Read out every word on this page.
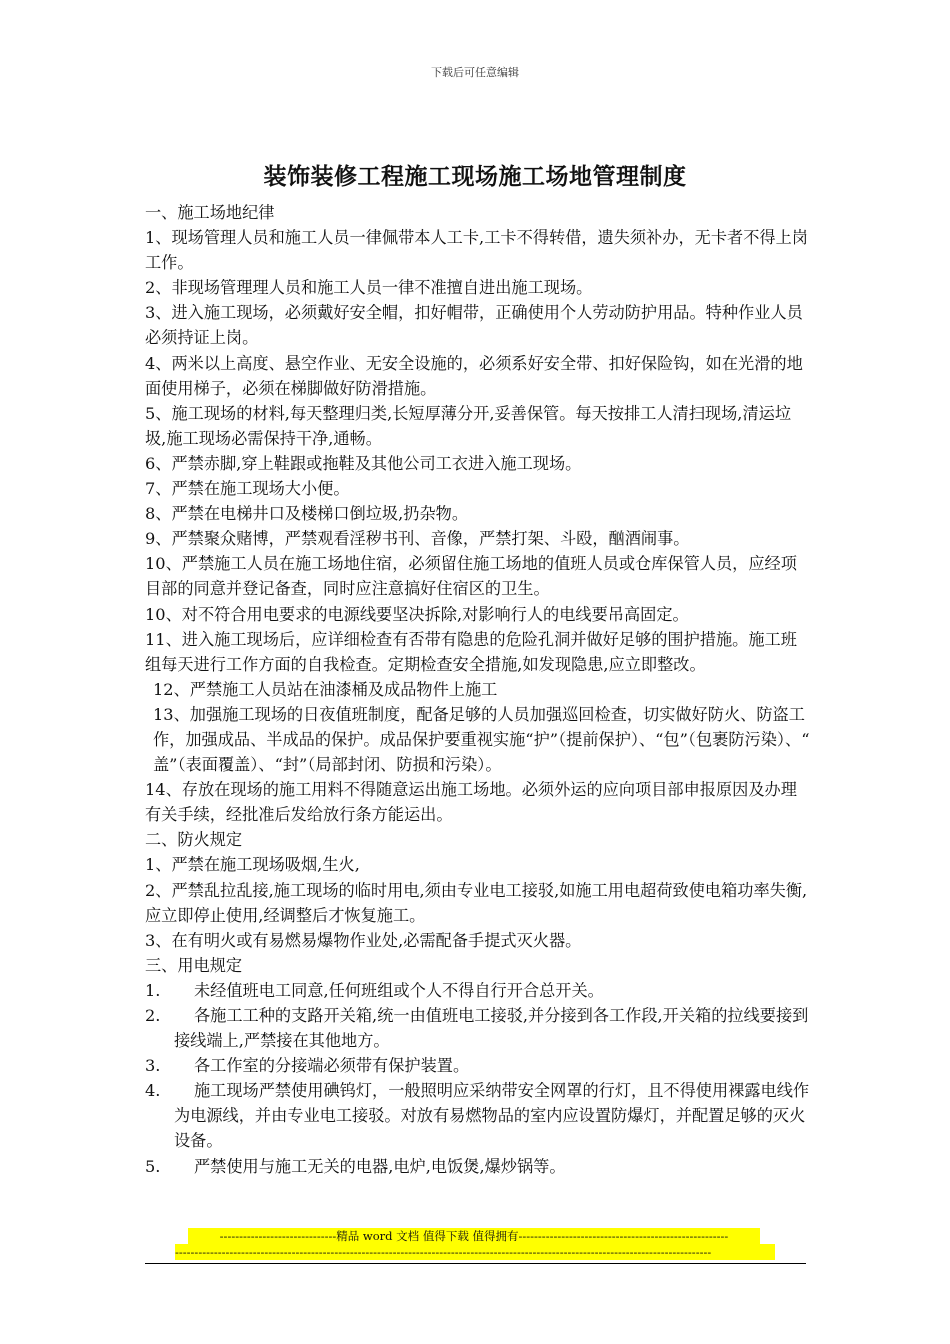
下载后可任意编辑
装饰装修工程施工现场施工场地管理制度

一、施工场地纪律

1、现场管理人员和施工人员一律佩带本人工卡,工卡不得转借，遗失须补办，无卡者不得上岗工作。

2、非现场管理理人员和施工人员一律不准擅自进出施工现场。

3、进入施工现场，必须戴好安全帽，扣好帽带，正确使用个人劳动防护用品。特种作业人员必须持证上岗。

4、两米以上高度、悬空作业、无安全设施的，必须系好安全带、扣好保险钩，如在光滑的地面使用梯子，必须在梯脚做好防滑措施。

5、施工现场的材料,每天整理归类,长短厚薄分开,妥善保管。每天按排工人清扫现场,清运垃圾,施工现场必需保持干净,通畅。

6、严禁赤脚,穿上鞋跟或拖鞋及其他公司工衣进入施工现场。

7、严禁在施工现场大小便。

8、严禁在电梯井口及楼梯口倒垃圾,扔杂物。

9、严禁聚众赌博，严禁观看淫秽书刊、音像，严禁打架、斗殴，酗酒闹事。

10、严禁施工人员在施工场地住宿，必须留住施工场地的值班人员或仓库保管人员，应经项目部的同意并登记备查，同时应注意搞好住宿区的卫生。

10、对不符合用电要求的电源线要坚决拆除,对影响行人的电线要吊高固定。

11、进入施工现场后，应详细检查有否带有隐患的危险孔洞并做好足够的围护措施。施工班组每天进行工作方面的自我检查。定期检查安全措施,如发现隐患,应立即整改。

12、严禁施工人员站在油漆桶及成品物件上施工

13、加强施工现场的日夜值班制度，配备足够的人员加强巡回检查，切实做好防火、防盗工作，加强成品、半成品的保护。成品保护要重视实施“护”（提前保护）、“包”（包裹防污染）、“　盖”（表面覆盖）、“封”（局部封闭、防损和污染）。

14、存放在现场的施工用料不得随意运出施工场地。必须外运的应向项目部申报原因及办理有关手续，经批准后发给放行条方能运出。

二、防火规定

1、严禁在施工现场吸烟,生火,

2、严禁乱拉乱接,施工现场的临时用电,须由专业电工接驳,如施工用电超荷致使电箱功率失衡,应立即停止使用,经调整后才恢复施工。

3、在有明火或有易燃易爆物作业处,必需配备手提式灭火器。

三、用电规定

1.	未经值班电工同意,任何班组或个人不得自行开合总开关。
2.	各施工工种的支路开关箱,统一由值班电工接驳,并分接到各工作段,开关箱的拉线要接到接线端上,严禁接在其他地方。
3.	各工作室的分接端必须带有保护装置。
4.	施工现场严禁使用碘钨灯，一般照明应采纳带安全网罩的行灯，且不得使用裸露电线作为电源线，并由专业电工接驳。对放有易燃物品的室内应设置防爆灯，并配置足够的灭火设备。
5.	严禁使用与施工无关的电器,电炉,电饭煲,爆炒锅等。
------------------------------精品 word 文档 值得下载 值得拥有------------------------------------------------------
------------------------------------------------------------------------------------------------------------------------------------------
